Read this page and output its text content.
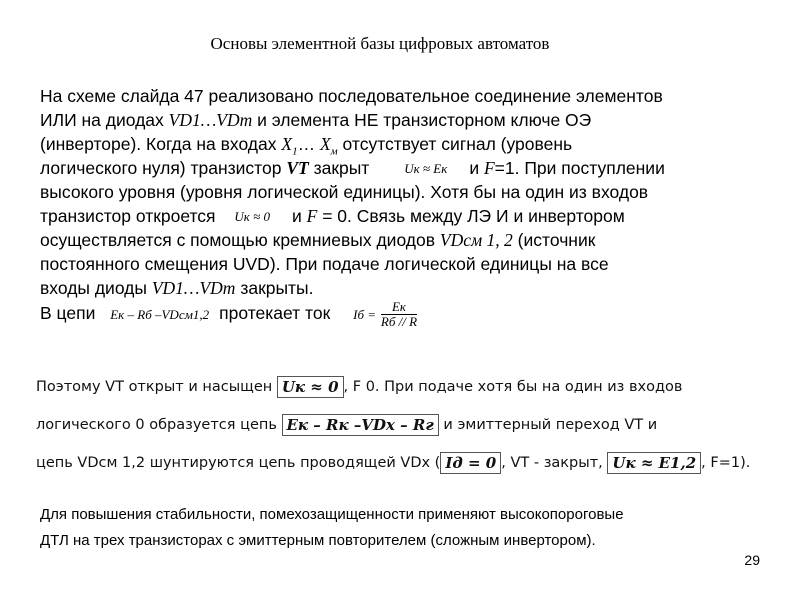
Основы элементной базы цифровых автоматов
На схеме слайда 47 реализовано последовательное соединение элементов
ИЛИ на диодах VD1…VDm и элемента НЕ транзисторном ключе ОЭ
(инверторе). Когда на входах $X_1\dots$ $X_м$ отсутствует сигнал (уровень
логического нуля) транзистор VT закрыт	Uк ≈ Eк и F=1. При поступлении
высокого уровня (уровня логической единицы). Хотя бы на один из входов
транзистор откроется Uк ≈ 0 и F = 0. Связь между ЛЭ И и инвертором
осуществляется с помощью кремниевых диодов VDсм 1, 2 (источник
постоянного смещения UVD). При подаче логической единицы на все
входы диоды VD1…VDm закрыты.
В цепи Eк – Rб –VDсм1,2 протекает ток Iб = $\frac{Eк}{Rб // R}$
Поэтому VT открыт и насыщен Uк ≈ 0 , F 0. При подаче хотя бы на один из входов
логического 0 образуется цепь Eк – Rк –VDх – Rг и эмиттерный переход VT и
цепь VDсм 1,2 шунтируются цепь проводящей VDх ( Iд = 0 , VT - закрыт, Uк ≈ E1,2 , F=1).
Для повышения стабильности, помехозащищенности применяют высокопороговые
ДТЛ на трех транзисторах с эмиттерным повторителем (сложным инвертором).
29
